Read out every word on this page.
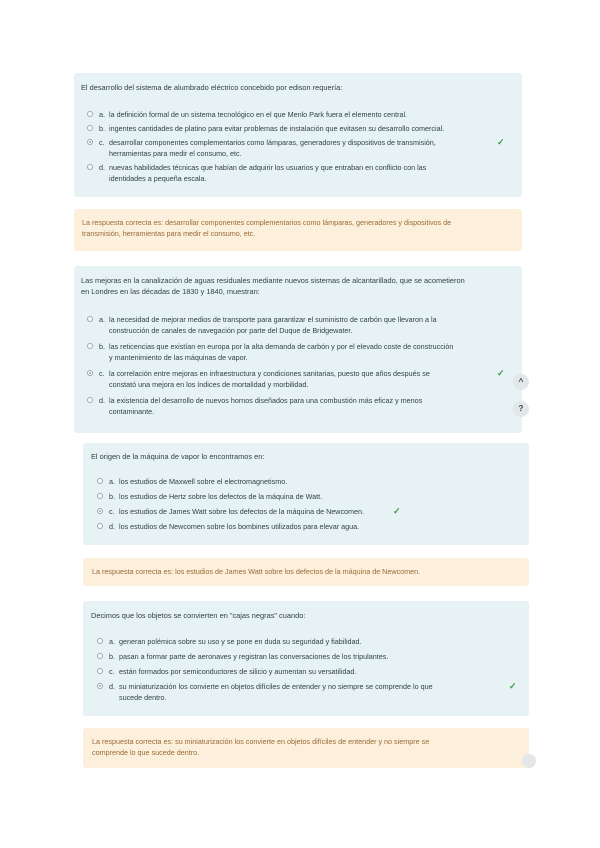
El desarrollo del sistema de alumbrado eléctrico concebido por edison requería:
a. la definición formal de un sistema tecnológico en el que Menlo Park fuera el elemento central.
b. ingentes cantidades de platino para evitar problemas de instalación que evitasen su desarrollo comercial.
c. desarrollar componentes complementarios como lámparas, generadores y dispositivos de transmisión,
herramientas para medir el consumo, etc.
✓
d. nuevas habilidades técnicas que habían de adquirir los usuarios y que entraban en conflicto con las
identidades a pequeña escala.
La respuesta correcta es: desarrollar componentes complementarios como lámparas, generadores y dispositivos de
transmisión, herramientas para medir el consumo, etc.
Las mejoras en la canalización de aguas residuales mediante nuevos sistemas de alcantarillado, que se acometieron
en Londres en las décadas de 1830 y 1840, muestran:
a. la necesidad de mejorar medios de transporte para garantizar el suministro de carbón que llevaron a la
construcción de canales de navegación por parte del Duque de Bridgewater.
b. las reticencias que existían en europa por la alta demanda de carbón y por el elevado coste de construcción
y mantenimiento de las máquinas de vapor.
c. la correlación entre mejoras en infraestructura y condiciones sanitarias, puesto que años después se
constató una mejora en los índices de mortalidad y morbilidad.
✓
d. la existencia del desarrollo de nuevos hornos diseñados para una combustión más eficaz y menos
contaminante.
El origen de la máquina de vapor lo encontramos en:
a. los estudios de Maxwell sobre el electromagnetismo.
b. los estudios de Hertz sobre los defectos de la máquina de Watt.
c. los estudios de James Watt sobre los defectos de la máquina de Newcomen.	✓
d. los estudios de Newcomen sobre los bombines utilizados para elevar agua.
La respuesta correcta es: los estudios de James Watt sobre los defectos de la máquina de Newcomen.
Decimos que los objetos se convierten en "cajas negras" cuando:
a. generan polémica sobre su uso y se pone en duda su seguridad y fiabilidad.
b. pasan a formar parte de aeronaves y registran las conversaciones de los tripulantes.
c. están formados por semiconductores de silicio y aumentan su versatilidad.
d. su miniaturización los convierte en objetos difíciles de entender y no siempre se comprende lo que
sucede dentro.
✓
La respuesta correcta es: su miniaturización los convierte en objetos difíciles de entender y no siempre se
comprende lo que sucede dentro.
^
?
